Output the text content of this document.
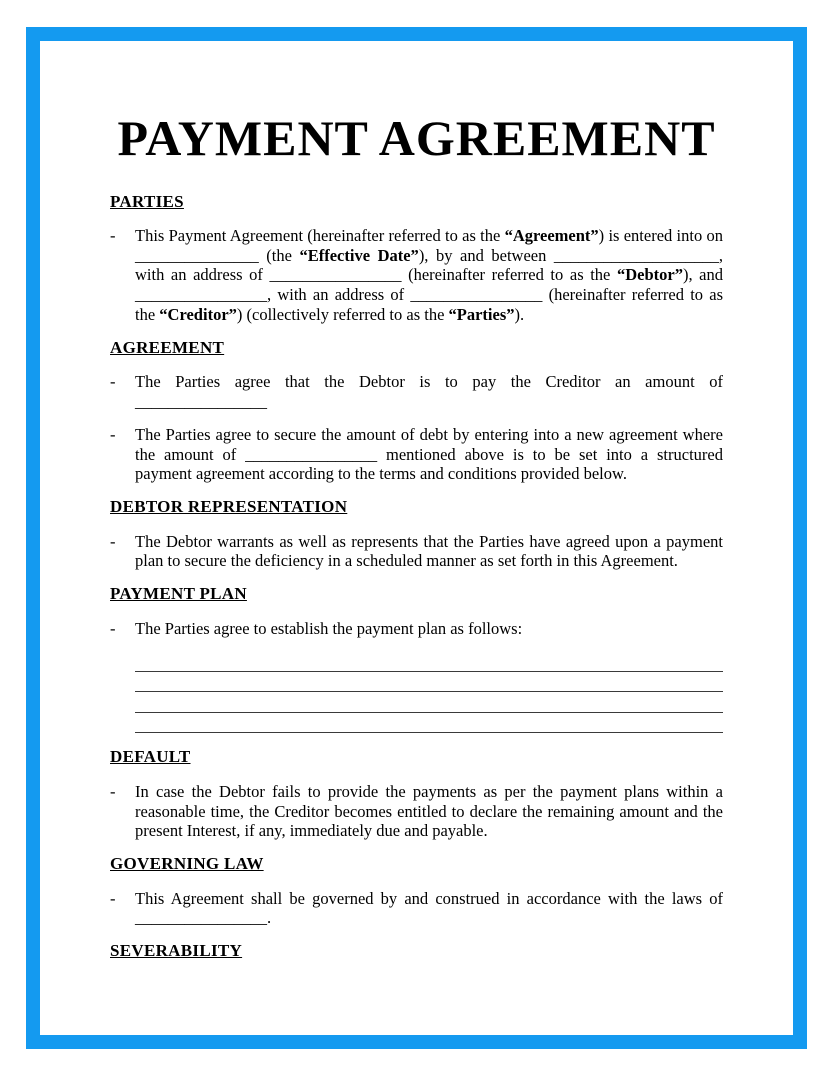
PAYMENT AGREEMENT
PARTIES
-	This Payment Agreement (hereinafter referred to as the “Agreement”) is entered into on _______________ (the “Effective Date”), by and between ____________________, with an address of ________________ (hereinafter referred to as the “Debtor”), and ________________, with an address of ________________ (hereinafter referred to as the “Creditor”) (collectively referred to as the “Parties”).

AGREEMENT
-	The Parties agree that the Debtor is to pay the Creditor an amount of ________________

-	The Parties agree to secure the amount of debt by entering into a new agreement where the amount of ________________ mentioned above is to be set into a structured payment agreement according to the terms and conditions provided below.

DEBTOR REPRESENTATION
-	The Debtor warrants as well as represents that the Parties have agreed upon a payment plan to secure the deficiency in a scheduled manner as set forth in this Agreement.

PAYMENT PLAN
-	The Parties agree to establish the payment plan as follows:

DEFAULT
-	In case the Debtor fails to provide the payments as per the payment plans within a reasonable time, the Creditor becomes entitled to declare the remaining amount and the present Interest, if any, immediately due and payable.

GOVERNING LAW
-	This Agreement shall be governed by and construed in accordance with the laws of ________________.

SEVERABILITY
